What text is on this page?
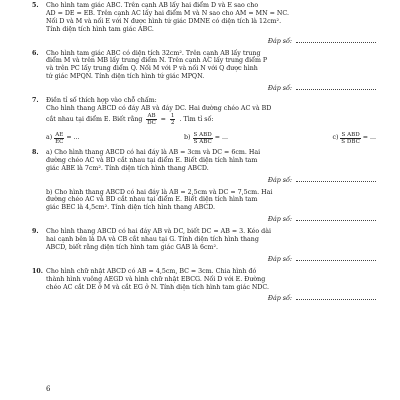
5. Cho hình tam giác ABC. Trên cạnh AB lấy hai điểm D và E sao cho
AD = DE = EB. Trên cạnh AC lấy hai điểm M và N sao cho AM = MN = NC.
Nối D và M và nối E với N được hình tứ giác DMNE có diện tích là 12cm².
Tính diện tích hình tam giác ABC.
Đáp số:
6. Cho hình tam giác ABC có diện tích 32cm². Trên cạnh AB lấy trung
điểm M và trên MB lấy trung điểm N. Trên cạnh AC lấy trung điểm P
và trên PC lấy trung điểm Q. Nối M với P và nối N với Q được hình
tứ giác MPQN. Tính diện tích hình tứ giác MPQN.
Đáp số:
7. Điền tỉ số thích hợp vào chỗ chấm:
Cho hình thang ABCD có đáy AB và đáy DC. Hai đường chéo AC và BD
cắt nhau tại điểm E. Biết rằng $\frac{AB}{DC} = \frac{1}{2}$ . Tìm tỉ số:
$a) \frac{AE}{EC}$ = ...	$b) \frac{\text{S ABD}}{\text{S ABC}}$ = ...	$c) \frac{\text{S ABD}}{\text{S DBC}}$ = ...
8. a) Cho hình thang ABCD có hai đáy là AB = 3cm và DC = 6cm. Hai
đường chéo AC và BD cắt nhau tại điểm E. Biết diện tích hình tam
giác ABE là 7cm². Tính diện tích hình thang ABCD.
Đáp số:
b) Cho hình thang ABCD có hai đáy là AB = 2,5cm và DC = 7,5cm. Hai
đường chéo AC và BD cắt nhau tại điểm E. Biết diện tích hình tam
giác BEC là 4,5cm². Tính diện tích hình thang ABCD.
Đáp số:
9. Cho hình thang ABCD có hai đáy AB và DC, biết DC = AB = 3. Kéo dài
hai cạnh bên là DA và CB cắt nhau tại G. Tính diện tích hình thang
ABCD, biết rằng diện tích hình tam giác GAB là 6cm².
Đáp số:
10. Cho hình chữ nhật ABCD có AB = 4,5cm, BC = 3cm. Chia hình đó
thành hình vuông AEGD và hình chữ nhật EBCG. Nối D với E. Đường
chéo AC cắt DE ở M và cắt EG ở N. Tính diện tích hình tam giác NDC.
Đáp số:
6
